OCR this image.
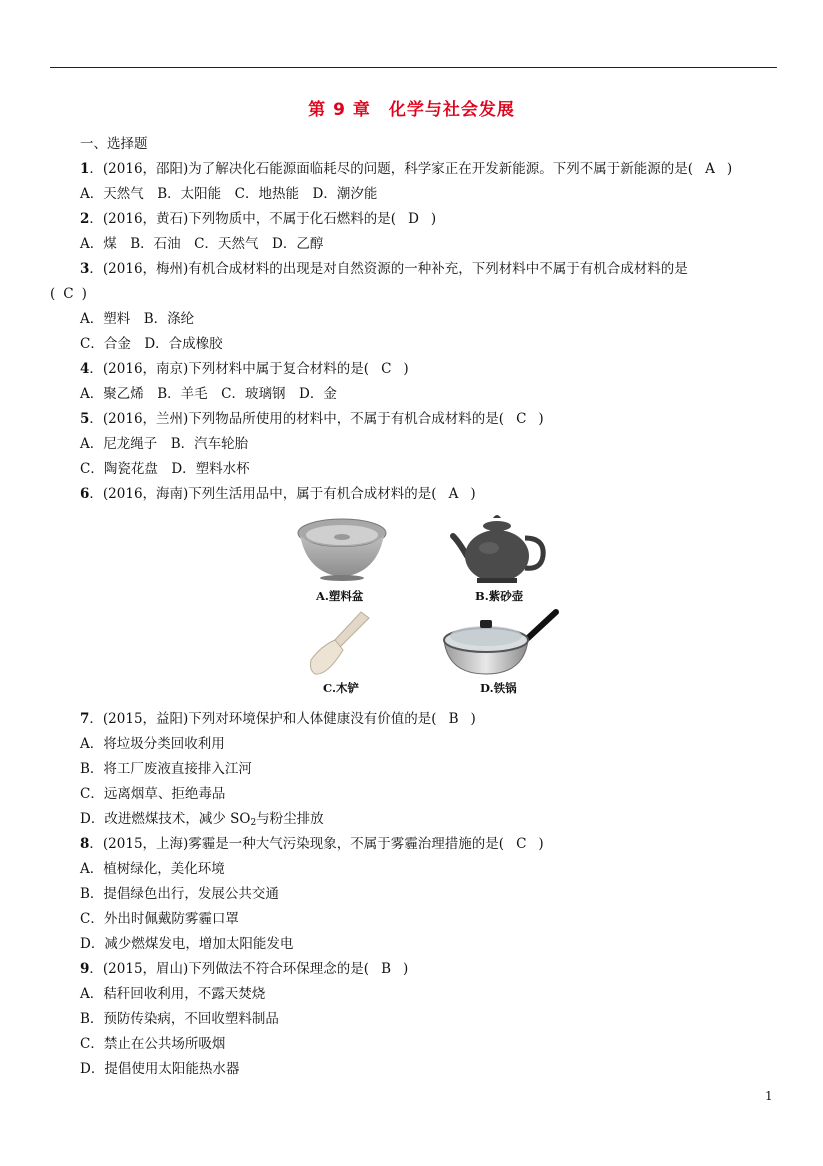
第 9 章 化学与社会发展
一、选择题
1．(2016，邵阳)为了解决化石能源面临耗尽的问题，科学家正在开发新能源。下列不属于新能源的是( A )
A．天然气　B．太阳能　C．地热能　D．潮汐能
2．(2016，黄石)下列物质中，不属于化石燃料的是( D )
A．煤　B．石油　C．天然气　D．乙醇
3．(2016，梅州)有机合成材料的出现是对自然资源的一种补充，下列材料中不属于有机合成材料的是
( C )
A．塑料　B．涤纶
C．合金　D．合成橡胶
4．(2016，南京)下列材料中属于复合材料的是( C )
A．聚乙烯　B．羊毛　C．玻璃钢　D．金
5．(2016，兰州)下列物品所使用的材料中，不属于有机合成材料的是( C )
A．尼龙绳子　B．汽车轮胎
C．陶瓷花盘　D．塑料水杯
6．(2016，海南)下列生活用品中，属于有机合成材料的是( A )
A.塑料盆	B.紫砂壶
C.木铲	D.铁锅
7．(2015，益阳)下列对环境保护和人体健康没有价值的是( B )
A．将垃圾分类回收利用
B．将工厂废液直接排入江河
C．远离烟草、拒绝毒品
D．改进燃煤技术，减少 $SO_2$与粉尘排放
8．(2015，上海)雾霾是一种大气污染现象，不属于雾霾治理措施的是( C )
A．植树绿化，美化环境
B．提倡绿色出行，发展公共交通
C．外出时佩戴防雾霾口罩
D．减少燃煤发电，增加太阳能发电
9．(2015，眉山)下列做法不符合环保理念的是( B )
A．秸秆回收利用，不露天焚烧
B．预防传染病，不回收塑料制品
C．禁止在公共场所吸烟
D．提倡使用太阳能热水器
1
